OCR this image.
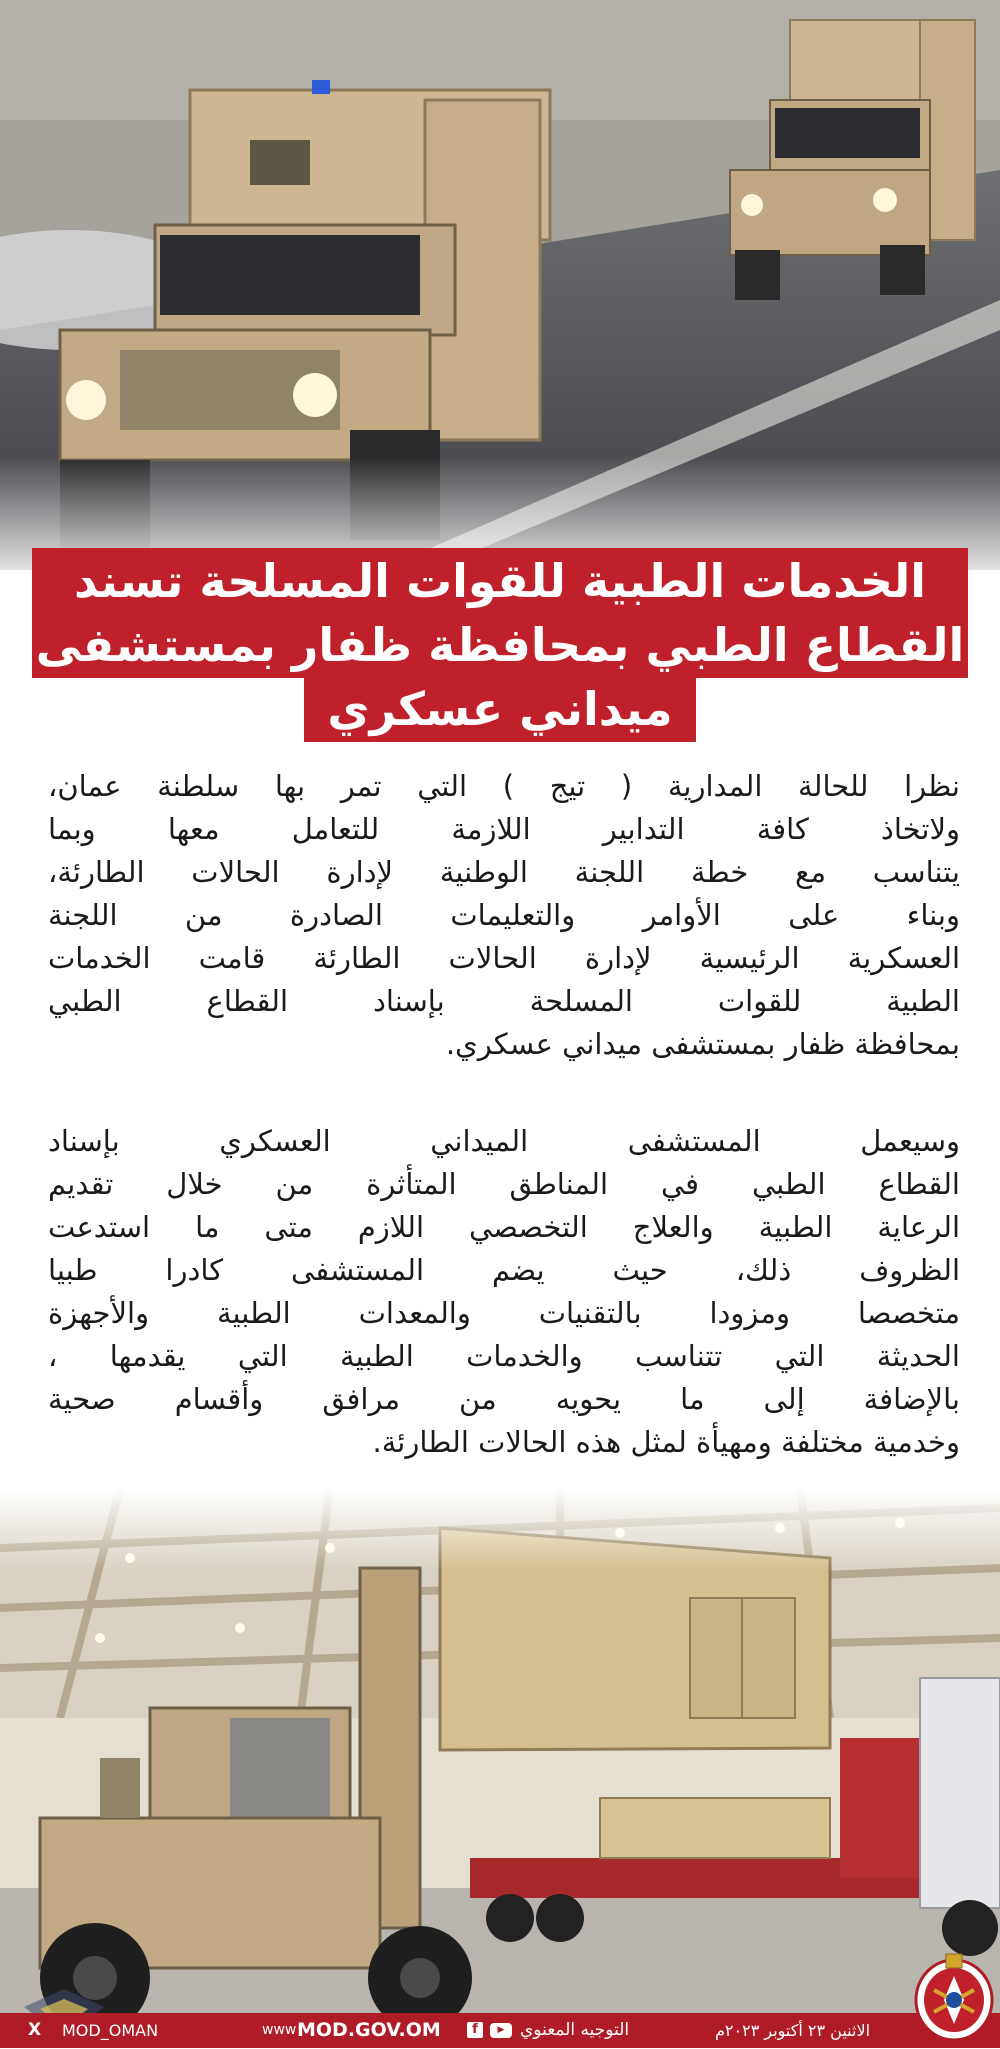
الخدمات الطبية للقوات المسلحة تسند
القطاع الطبي بمحافظة ظفار بمستشفى
ميداني عسكري
نظرا للحالة المدارية ( تيج ) التي تمر بها سلطنة عمان،
ولاتخاذ كافة التدابير اللازمة للتعامل معها وبما
يتناسب مع خطة اللجنة الوطنية لإدارة الحالات الطارئة،
وبناء على الأوامر والتعليمات الصادرة من اللجنة
العسكرية الرئيسية لإدارة الحالات الطارئة قامت الخدمات
الطبية للقوات المسلحة بإسناد القطاع الطبي
بمحافظة ظفار بمستشفى ميداني عسكري.
وسيعمل المستشفى الميداني العسكري بإسناد
القطاع الطبي في المناطق المتأثرة من خلال تقديم
الرعاية الطبية والعلاج التخصصي اللازم متى ما استدعت
الظروف ذلك، حيث يضم المستشفى كادرا طبيا
متخصصا ومزودا بالتقنيات والمعدات الطبية والأجهزة
الحديثة التي تتناسب والخدمات الطبية التي يقدمها ،
بالإضافة إلى ما يحويه من مرافق وأقسام صحية
وخدمية مختلفة ومهيأة لمثل هذه الحالات الطارئة.
X MOD_OMAN	www MOD.GOV.OM	f	▶ التوجيه المعنوي	الاثنين ٢٣ أكتوبر ٢٠٢٣م
